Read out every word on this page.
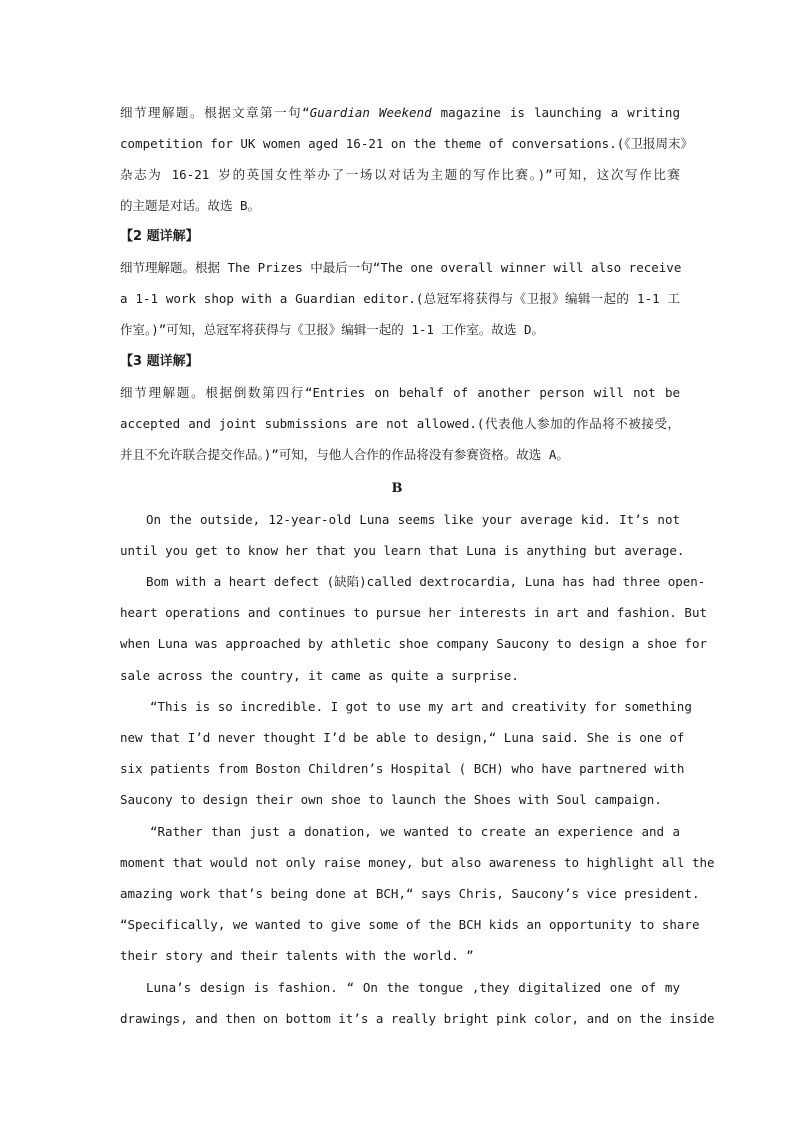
细节理解题。根据文章第一句“Guardian Weekend magazine is launching a writing
competition for UK women aged 16-21 on the theme of conversations.(《卫报周末》
杂志为 16-21 岁的英国女性举办了一场以对话为主题的写作比赛。)”可知，这次写作比赛
的主题是对话。故选 B。
【2 题详解】
细节理解题。根据 The Prizes 中最后一句“The one overall winner will also receive
a 1-1 work shop with a Guardian editor.(总冠军将获得与《卫报》编辑一起的 1-1 工
作室。)”可知，总冠军将获得与《卫报》编辑一起的 1-1 工作室。故选 D。
【3 题详解】
细节理解题。根据倒数第四行“Entries on behalf of another person will not be
accepted and joint submissions are not allowed.(代表他人参加的作品将不被接受，
并且不允许联合提交作品。)”可知，与他人合作的作品将没有参赛资格。故选 A。
B
On the outside, 12-year-old Luna seems like your average kid. It’s not
until you get to know her that you learn that Luna is anything but average.
Bom with a heart defect (缺陷)called dextrocardia, Luna has had three open-
heart operations and continues to pursue her interests in art and fashion. But
when Luna was approached by athletic shoe company Saucony to design a shoe for
sale across the country, it came as quite a surprise.
“This is so incredible. I got to use my art and creativity for something
new that I’d never thought I’d be able to design,“ Luna said. She is one of
six patients from Boston Children’s Hospital ( BCH) who have partnered with
Saucony to design their own shoe to launch the Shoes with Soul campaign.
“Rather than just a donation, we wanted to create an experience and a
moment that would not only raise money, but also awareness to highlight all the
amazing work that’s being done at BCH,“ says Chris, Saucony’s vice president.
“Specifically, we wanted to give some of the BCH kids an opportunity to share
their story and their talents with the world. ”
Luna’s design is fashion. “ On the tongue ,they digitalized one of my
drawings, and then on bottom it’s a really bright pink color, and on the inside
